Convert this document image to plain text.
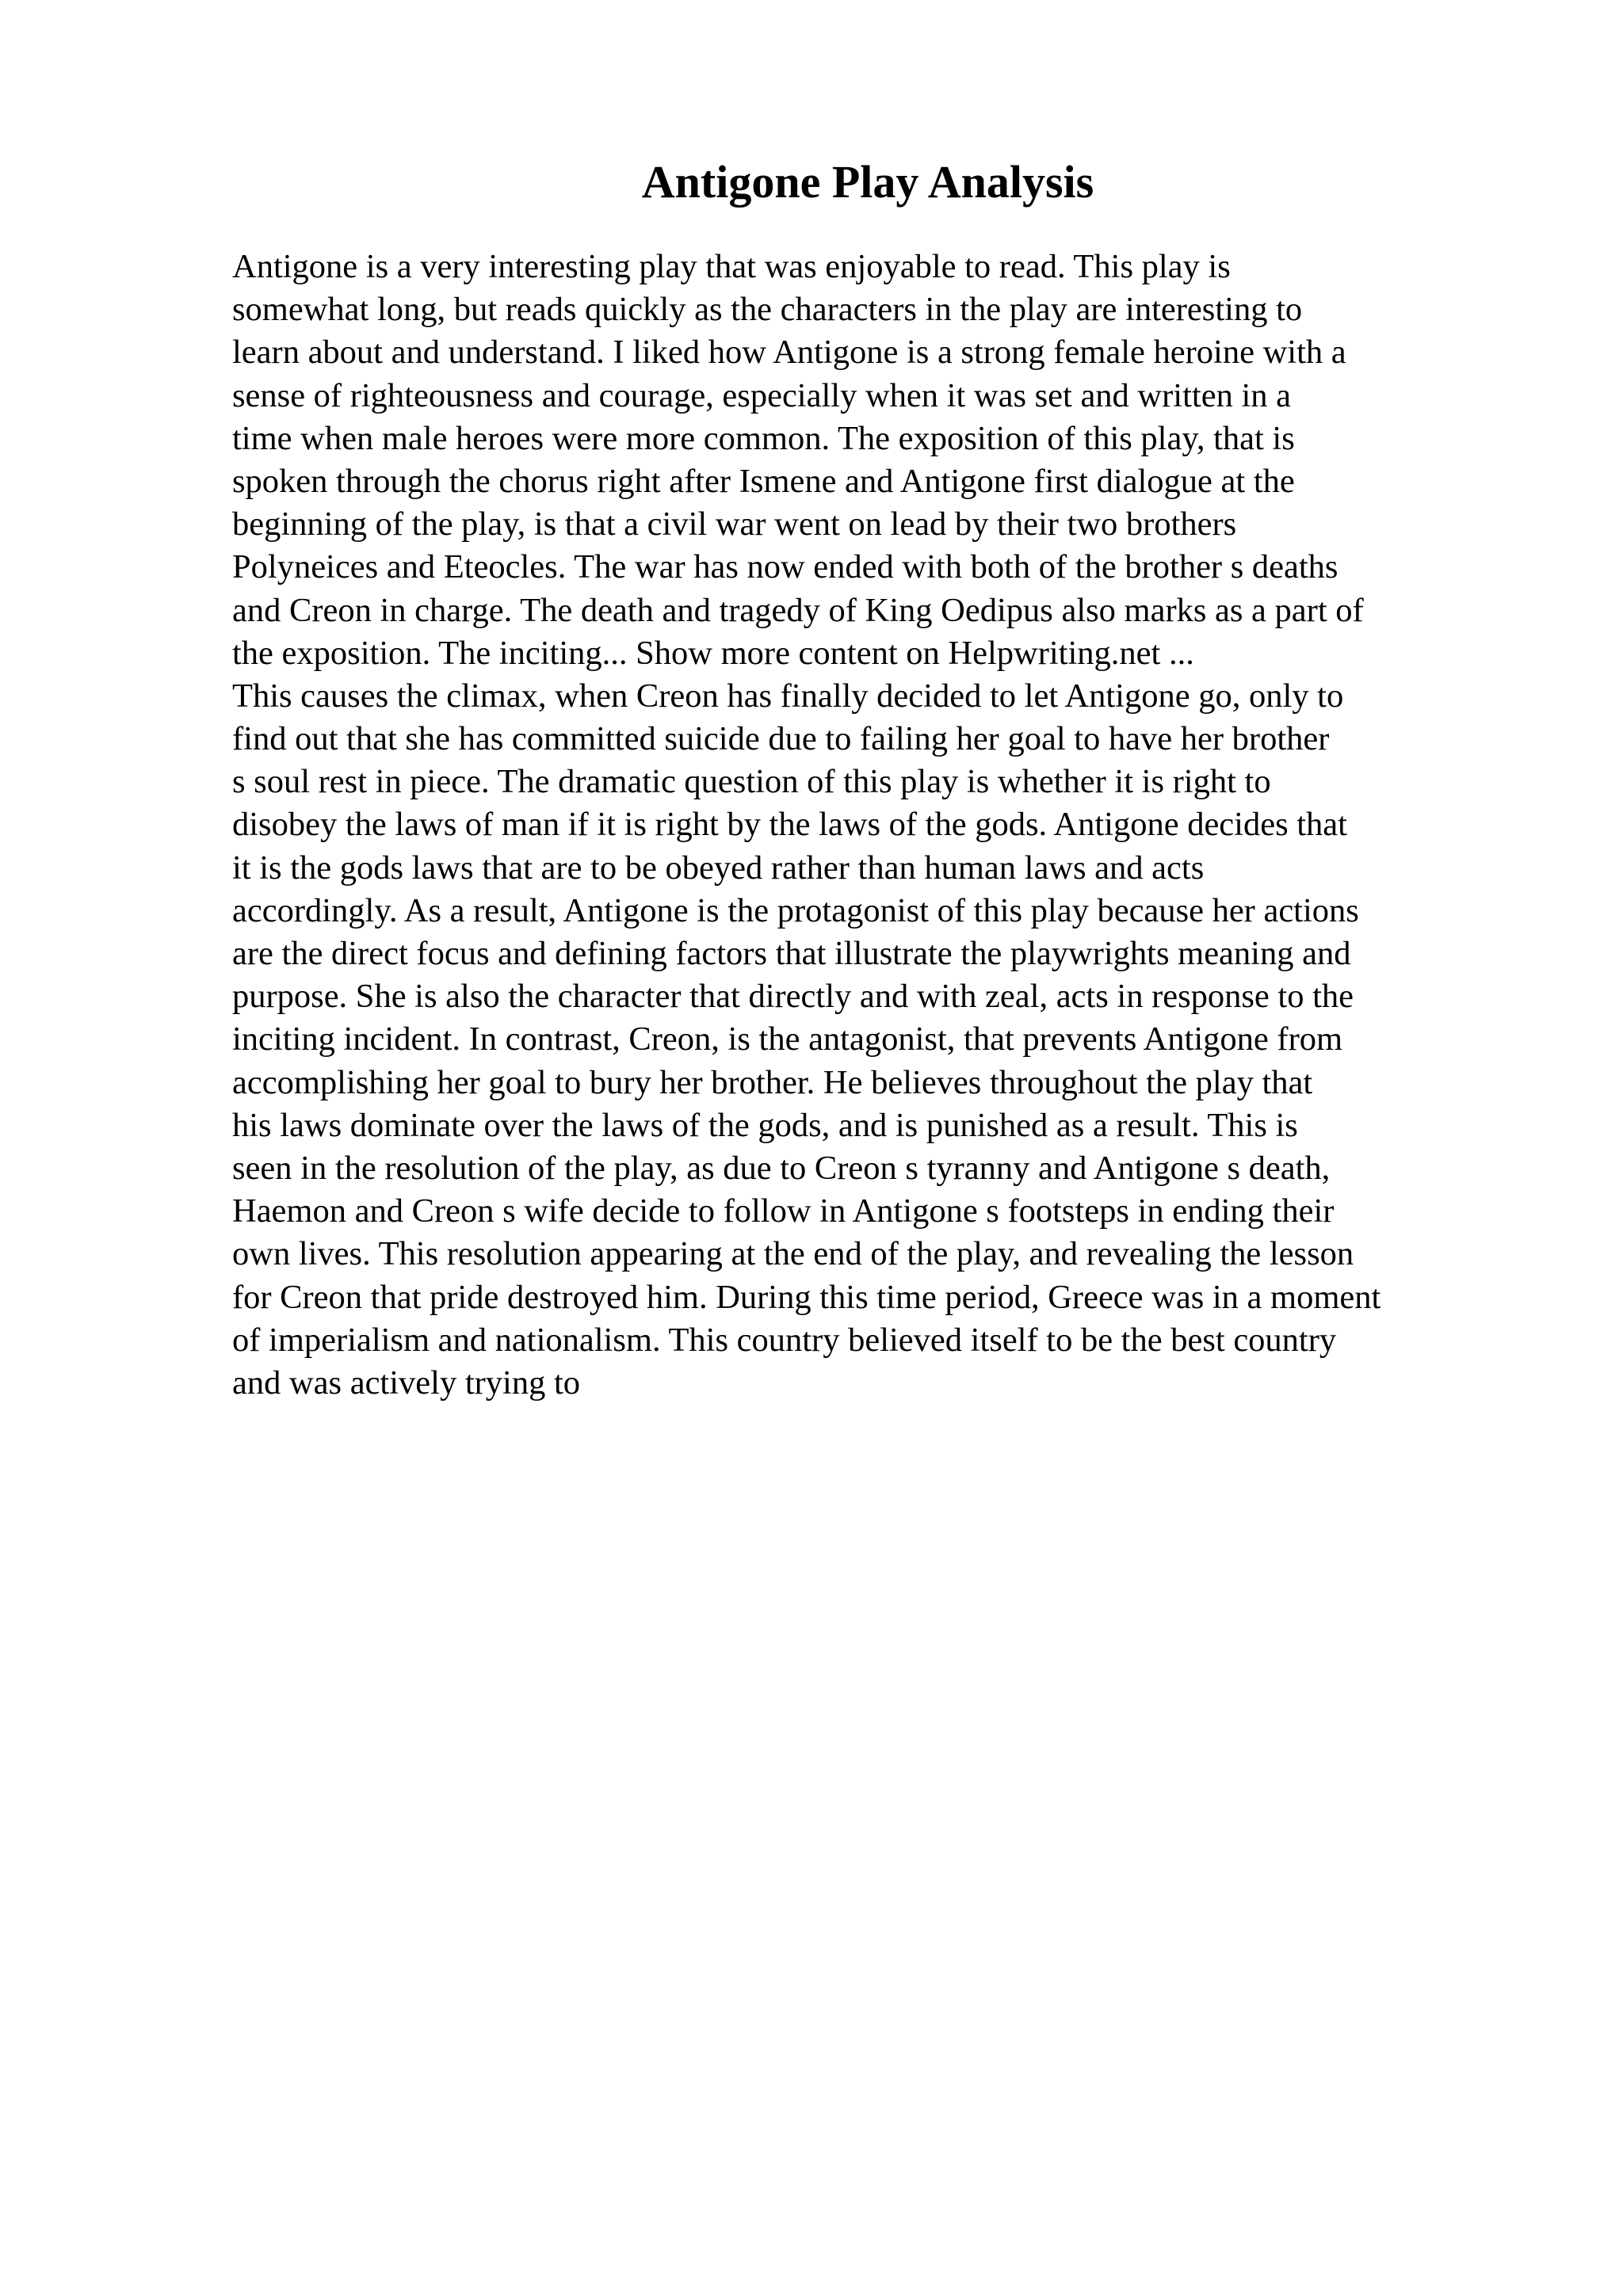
Antigone Play Analysis
Antigone is a very interesting play that was enjoyable to read. This play is
somewhat long, but reads quickly as the characters in the play are interesting to
learn about and understand. I liked how Antigone is a strong female heroine with a
sense of righteousness and courage, especially when it was set and written in a
time when male heroes were more common. The exposition of this play, that is
spoken through the chorus right after Ismene and Antigone first dialogue at the
beginning of the play, is that a civil war went on lead by their two brothers
Polyneices and Eteocles. The war has now ended with both of the brother s deaths
and Creon in charge. The death and tragedy of King Oedipus also marks as a part of
the exposition. The inciting... Show more content on Helpwriting.net ...
This causes the climax, when Creon has finally decided to let Antigone go, only to
find out that she has committed suicide due to failing her goal to have her brother
s soul rest in piece. The dramatic question of this play is whether it is right to
disobey the laws of man if it is right by the laws of the gods. Antigone decides that
it is the gods laws that are to be obeyed rather than human laws and acts
accordingly. As a result, Antigone is the protagonist of this play because her actions
are the direct focus and defining factors that illustrate the playwrights meaning and
purpose. She is also the character that directly and with zeal, acts in response to the
inciting incident. In contrast, Creon, is the antagonist, that prevents Antigone from
accomplishing her goal to bury her brother. He believes throughout the play that
his laws dominate over the laws of the gods, and is punished as a result. This is
seen in the resolution of the play, as due to Creon s tyranny and Antigone s death,
Haemon and Creon s wife decide to follow in Antigone s footsteps in ending their
own lives. This resolution appearing at the end of the play, and revealing the lesson
for Creon that pride destroyed him. During this time period, Greece was in a moment
of imperialism and nationalism. This country believed itself to be the best country
and was actively trying to
